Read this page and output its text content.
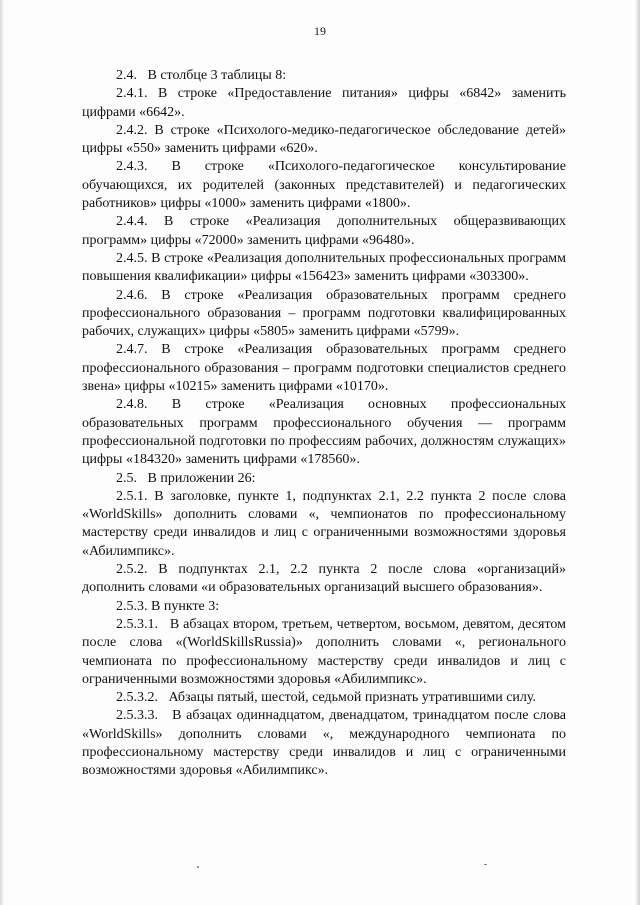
19

2.4.   В столбце 3 таблицы 8:

2.4.1. В строке «Предоставление питания» цифры «6842» заменить цифрами «6642».

2.4.2. В строке «Психолого-медико-педагогическое обследование детей» цифры «550» заменить цифрами «620».

2.4.3. В строке «Психолого-педагогическое консультирование обучающихся, их родителей (законных представителей) и педагогических работников» цифры «1000» заменить цифрами «1800».

2.4.4. В строке «Реализация дополнительных общеразвивающих программ» цифры «72000» заменить цифрами «96480».

2.4.5. В строке «Реализация дополнительных профессиональных программ повышения квалификации» цифры «156423» заменить цифрами «303300».

2.4.6. В строке «Реализация образовательных программ среднего профессионального образования – программ подготовки квалифицированных рабочих, служащих» цифры «5805» заменить цифрами «5799».

2.4.7. В строке «Реализация образовательных программ среднего профессионального образования – программ подготовки специалистов среднего звена» цифры «10215» заменить цифрами «10170».

2.4.8. В строке «Реализация основных профессиональных образовательных программ профессионального обучения — программ профессиональной подготовки по профессиям рабочих, должностям служащих» цифры «184320» заменить цифрами «178560».

2.5.   В приложении 26:

2.5.1. В заголовке, пункте 1, подпунктах 2.1, 2.2 пункта 2 после слова «WorldSkills» дополнить словами «, чемпионатов по профессиональному мастерству среди инвалидов и лиц с ограниченными возможностями здоровья «Абилимпикс».

2.5.2. В подпунктах 2.1, 2.2 пункта 2 после слова «организаций» дополнить словами «и образовательных организаций высшего образования».

2.5.3. В пункте 3:

2.5.3.1.   В абзацах втором, третьем, четвертом, восьмом, девятом, десятом после слова «(WorldSkillsRussia)» дополнить словами «, регионального чемпионата по профессиональному мастерству среди инвалидов и лиц с ограниченными возможностями здоровья «Абилимпикс».

2.5.3.2.   Абзацы пятый, шестой, седьмой признать утратившими силу.

2.5.3.3.   В абзацах одиннадцатом, двенадцатом, тринадцатом после слова «WorldSkills» дополнить словами «, международного чемпионата по профессиональному мастерству среди инвалидов и лиц с ограниченными возможностями здоровья «Абилимпикс».
